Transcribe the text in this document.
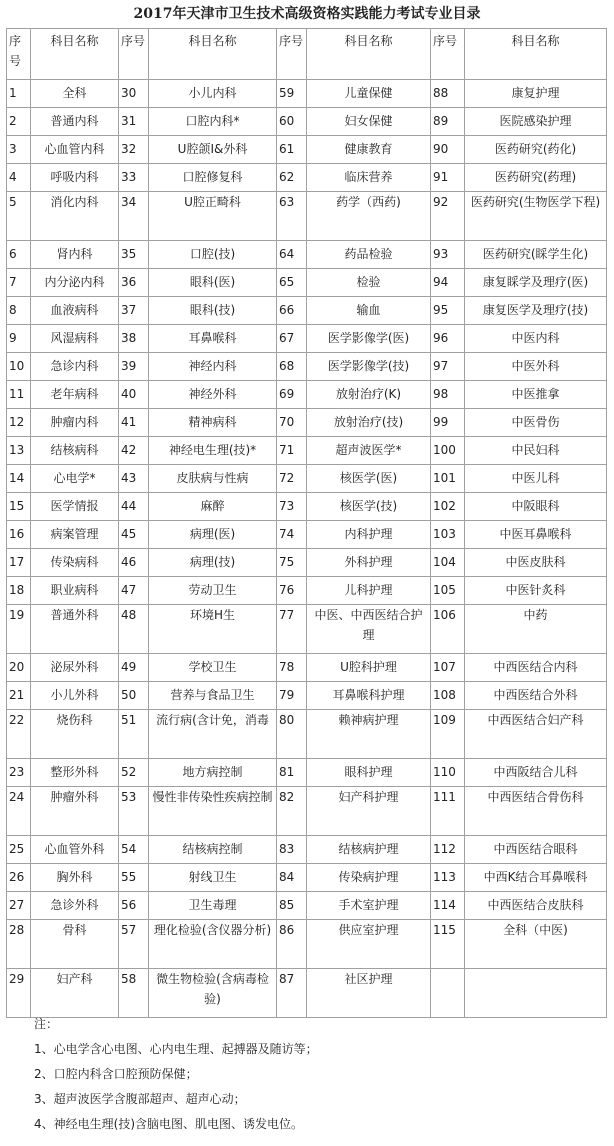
2017年天津市卫生技术高级资格实践能力考试专业目录
序号	科目名称	序号	科目名称	序号	科目名称	序号	科目名称
1	全科	30	小儿内科	59	儿童保健	88	康复护理
2	普通内科	31	口腔内科*	60	妇女保健	89	医院感染护理
3	心血管内科	32	U腔颌I&外科	61	健康教育	90	医药研究(药化)
4	呼吸内科	33	口腔修复科	62	临床营养	91	医药研究(药理)
5	消化内科	34	U腔正畸科	63	药学（西药)	92	医药研究(生物医学下程)
6	肾内科	35	口腔(技)	64	药品检验	93	医药研究(睬学生化)
7	内分泌内科	36	眼科(医)	65	检验	94	康复睬学及理疗(医)
8	血液病科	37	眼科(技)	66	输血	95	康复医学及理疗(技)
9	风湿病科	38	耳鼻喉科	67	医学影像学(医)	96	中医内科
10	急诊内科	39	神经内科	68	医学影像学(技)	97	中医外科
11	老年病科	40	神经外科	69	放射治疗(K)	98	中医推拿
12	肿瘤内科	41	精神病科	70	放射治疗(技)	99	中医骨伤
13	结核病科	42	神经电生理(技)*	71	超声波医学*	100	中民妇科
14	心电学*	43	皮肤病与性病	72	核医学(医)	101	中医儿科
15	医学情报	44	麻醉	73	核医学(技)	102	中阪眼科
16	病案管理	45	病理(医)	74	内科护理	103	中医耳鼻喉科
17	传染病科	46	病理(技)	75	外科护理	104	中医皮肤科
18	职业病科	47	劳动卫生	76	儿科护理	105	中医针炙科
19	普通外科	48	环境H生	77	中医、中西医结合护理	106	中药
20	泌尿外科	49	学校卫生	78	U腔科护理	107	中西医结合内科
21	小儿外科	50	营养与食品卫生	79	耳鼻喉科护理	108	中西医结合外科
22	烧伤科	51	流行病(含计免，消毒	80	赖神病护理	109	中西医结合妇产科
23	整形外科	52	地方病控制	81	眼科护理	110	中西阪结合儿科
24	肿瘤外科	53	慢性非传染性疾病控制	82	妇产科护理	111	中西医结合骨伤科
25	心血管外科	54	结核病控制	83	结核病护理	112	中西医结合眼科
26	胸外科	55	射线卫生	84	传染病护理	113	中西K结合耳鼻喉科
27	急诊外科	56	卫生毒理	85	手术室护理	114	中西医结合皮肤科
28	骨科	57	理化检验(含仪器分析)	86	供应室护理	115	全科（中医)
29	妇产科	58	微生物检验(含病毒检验)	87	社区护理		
注：
1、心电学含心电图、心内电生理、起搏器及随访等；
2、口腔内科含口腔预防保健；
3、超声波医学含腹部超声、超声心动；
4、神经电生理(技)含脑电图、肌电图、诱发电位。
